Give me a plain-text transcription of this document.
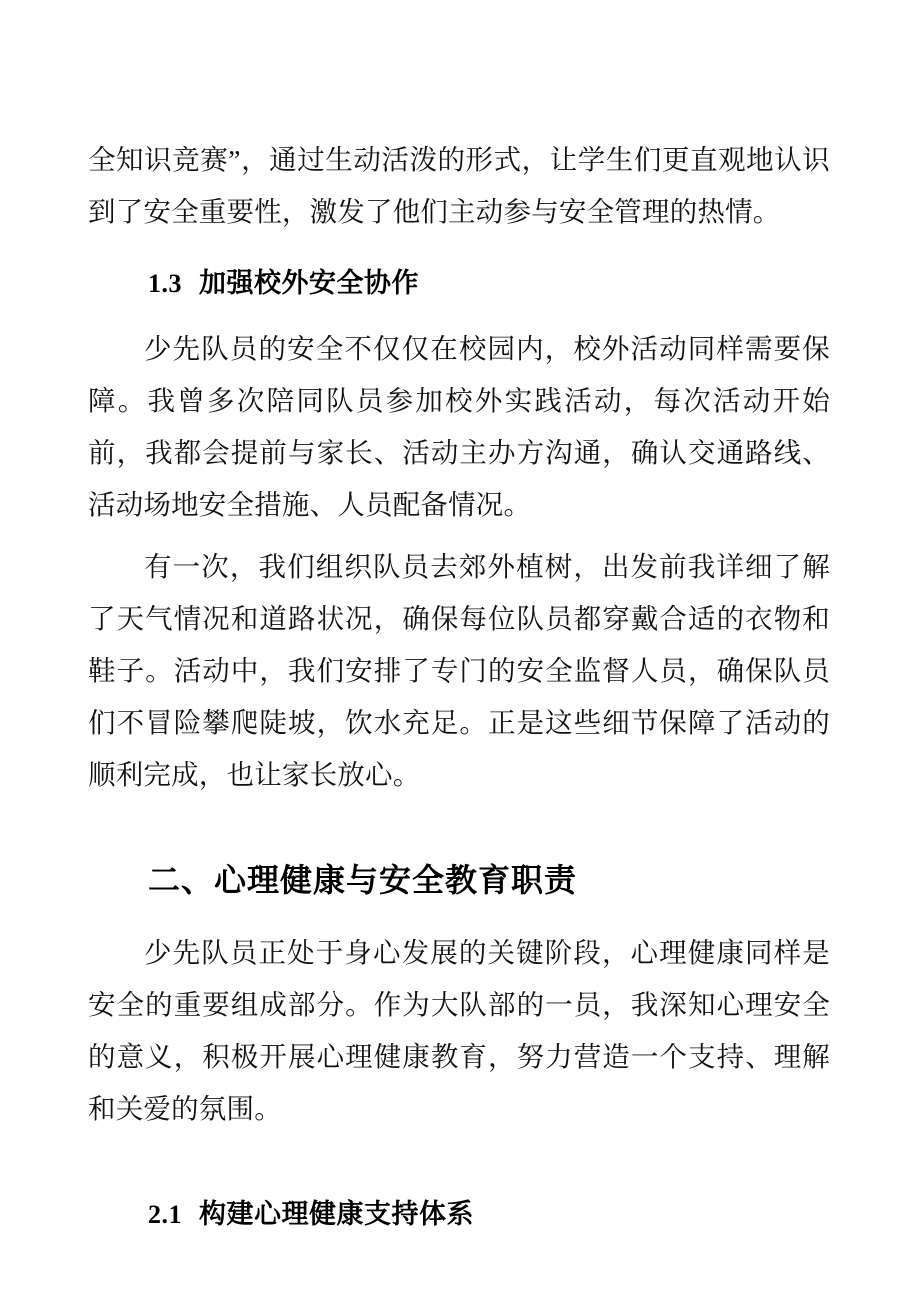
全知识竞赛”，通过生动活泼的形式，让学生们更直观地认识到了安全重要性，激发了他们主动参与安全管理的热情。

1.3 加强校外安全协作

少先队员的安全不仅仅在校园内，校外活动同样需要保障。我曾多次陪同队员参加校外实践活动，每次活动开始前，我都会提前与家长、活动主办方沟通，确认交通路线、活动场地安全措施、人员配备情况。

有一次，我们组织队员去郊外植树，出发前我详细了解了天气情况和道路状况，确保每位队员都穿戴合适的衣物和鞋子。活动中，我们安排了专门的安全监督人员，确保队员们不冒险攀爬陡坡，饮水充足。正是这些细节保障了活动的顺利完成，也让家长放心。

二、心理健康与安全教育职责

少先队员正处于身心发展的关键阶段，心理健康同样是安全的重要组成部分。作为大队部的一员，我深知心理安全的意义，积极开展心理健康教育，努力营造一个支持、理解和关爱的氛围。

2.1 构建心理健康支持体系
